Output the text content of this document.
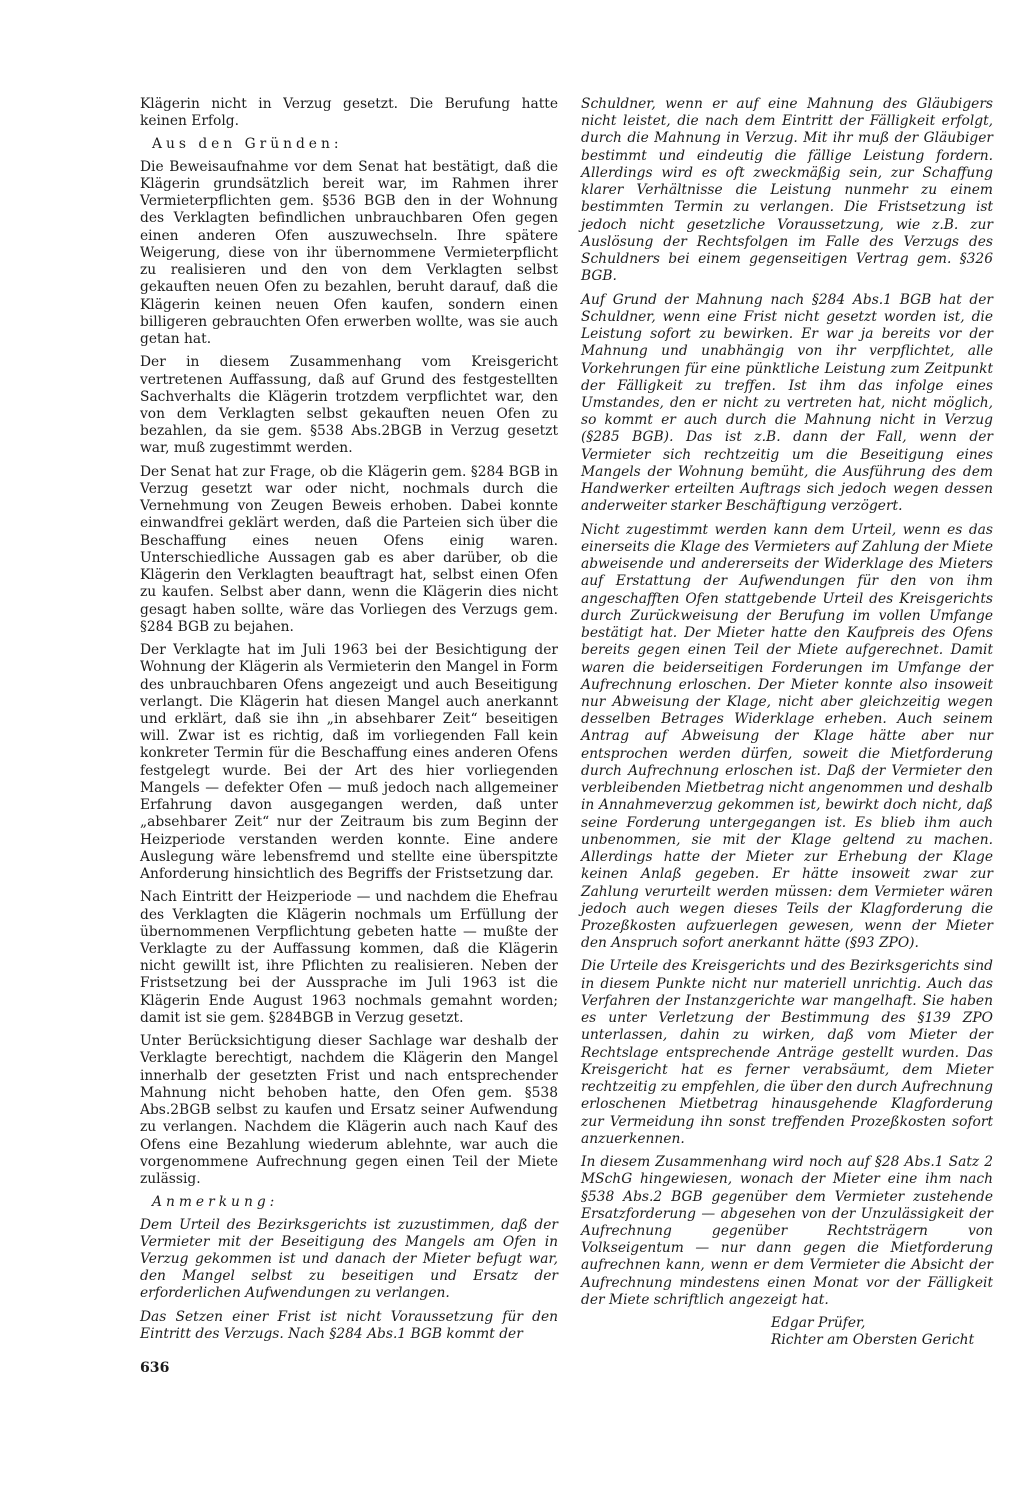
Klägerin nicht in Verzug gesetzt. Die Berufung hatte keinen Erfolg.

Aus den Gründen:

Die Beweisaufnahme vor dem Senat hat bestätigt, daß die Klägerin grundsätzlich bereit war, im Rahmen ihrer Vermieterpflichten gem. §536 BGB den in der Wohnung des Verklagten befindlichen unbrauchbaren Ofen gegen einen anderen Ofen auszuwechseln. Ihre spätere Weigerung, diese von ihr übernommene Vermieterpflicht zu realisieren und den von dem Verklagten selbst gekauften neuen Ofen zu bezahlen, beruht darauf, daß die Klägerin keinen neuen Ofen kaufen, sondern einen billigeren gebrauchten Ofen erwerben wollte, was sie auch getan hat.

Der in diesem Zusammenhang vom Kreisgericht vertretenen Auffassung, daß auf Grund des festgestellten Sachverhalts die Klägerin trotzdem verpflichtet war, den von dem Verklagten selbst gekauften neuen Ofen zu bezahlen, da sie gem. §538 Abs.2BGB in Verzug gesetzt war, muß zugestimmt werden.

Der Senat hat zur Frage, ob die Klägerin gem. §284 BGB in Verzug gesetzt war oder nicht, nochmals durch die Vernehmung von Zeugen Beweis erhoben. Dabei konnte einwandfrei geklärt werden, daß die Parteien sich über die Beschaffung eines neuen Ofens einig waren. Unterschiedliche Aussagen gab es aber darüber, ob die Klägerin den Verklagten beauftragt hat, selbst einen Ofen zu kaufen. Selbst aber dann, wenn die Klägerin dies nicht gesagt haben sollte, wäre das Vorliegen des Verzugs gem. §284 BGB zu bejahen.

Der Verklagte hat im Juli 1963 bei der Besichtigung der Wohnung der Klägerin als Vermieterin den Mangel in Form des unbrauchbaren Ofens angezeigt und auch Beseitigung verlangt. Die Klägerin hat diesen Mangel auch anerkannt und erklärt, daß sie ihn „in absehbarer Zeit“ beseitigen will. Zwar ist es richtig, daß im vorliegenden Fall kein konkreter Termin für die Beschaffung eines anderen Ofens festgelegt wurde. Bei der Art des hier vorliegenden Mangels — defekter Ofen — muß jedoch nach allgemeiner Erfahrung davon ausgegangen werden, daß unter „absehbarer Zeit“ nur der Zeitraum bis zum Beginn der Heizperiode verstanden werden konnte. Eine andere Auslegung wäre lebensfremd und stellte eine überspitzte Anforderung hinsichtlich des Begriffs der Fristsetzung dar.

Nach Eintritt der Heizperiode — und nachdem die Ehefrau des Verklagten die Klägerin nochmals um Erfüllung der übernommenen Verpflichtung gebeten hatte — mußte der Verklagte zu der Auffassung kommen, daß die Klägerin nicht gewillt ist, ihre Pflichten zu realisieren. Neben der Fristsetzung bei der Aussprache im Juli 1963 ist die Klägerin Ende August 1963 nochmals gemahnt worden; damit ist sie gem. §284BGB in Verzug gesetzt.

Unter Berücksichtigung dieser Sachlage war deshalb der Verklagte berechtigt, nachdem die Klägerin den Mangel innerhalb der gesetzten Frist und nach entsprechender Mahnung nicht behoben hatte, den Ofen gem. §538 Abs.2BGB selbst zu kaufen und Ersatz seiner Aufwendung zu verlangen. Nachdem die Klägerin auch nach Kauf des Ofens eine Bezahlung wiederum ablehnte, war auch die vorgenommene Aufrechnung gegen einen Teil der Miete zulässig.

Anmerkung:

Dem Urteil des Bezirksgerichts ist zuzustimmen, daß der Vermieter mit der Beseitigung des Mangels am Ofen in Verzug gekommen ist und danach der Mieter befugt war, den Mangel selbst zu beseitigen und Ersatz der erforderlichen Aufwendungen zu verlangen.

Das Setzen einer Frist ist nicht Voraussetzung für den Eintritt des Verzugs. Nach §284 Abs.1 BGB kommt der

Schuldner, wenn er auf eine Mahnung des Gläubigers nicht leistet, die nach dem Eintritt der Fälligkeit erfolgt, durch die Mahnung in Verzug. Mit ihr muß der Gläubiger bestimmt und eindeutig die fällige Leistung fordern. Allerdings wird es oft zweckmäßig sein, zur Schaffung klarer Verhältnisse die Leistung nunmehr zu einem bestimmten Termin zu verlangen. Die Fristsetzung ist jedoch nicht gesetzliche Voraussetzung, wie z.B. zur Auslösung der Rechtsfolgen im Falle des Verzugs des Schuldners bei einem gegenseitigen Vertrag gem. §326 BGB.

Auf Grund der Mahnung nach §284 Abs.1 BGB hat der Schuldner, wenn eine Frist nicht gesetzt worden ist, die Leistung sofort zu bewirken. Er war ja bereits vor der Mahnung und unabhängig von ihr verpflichtet, alle Vorkehrungen für eine pünktliche Leistung zum Zeitpunkt der Fälligkeit zu treffen. Ist ihm das infolge eines Umstandes, den er nicht zu vertreten hat, nicht möglich, so kommt er auch durch die Mahnung nicht in Verzug (§285 BGB). Das ist z.B. dann der Fall, wenn der Vermieter sich rechtzeitig um die Beseitigung eines Mangels der Wohnung bemüht, die Ausführung des dem Handwerker erteilten Auftrags sich jedoch wegen dessen anderweiter starker Beschäftigung verzögert.

Nicht zugestimmt werden kann dem Urteil, wenn es das einerseits die Klage des Vermieters auf Zahlung der Miete abweisende und andererseits der Widerklage des Mieters auf Erstattung der Aufwendungen für den von ihm angeschafften Ofen stattgebende Urteil des Kreisgerichts durch Zurückweisung der Berufung im vollen Umfange bestätigt hat. Der Mieter hatte den Kaufpreis des Ofens bereits gegen einen Teil der Miete aufgerechnet. Damit waren die beiderseitigen Forderungen im Umfange der Aufrechnung erloschen. Der Mieter konnte also insoweit nur Abweisung der Klage, nicht aber gleichzeitig wegen desselben Betrages Widerklage erheben. Auch seinem Antrag auf Abweisung der Klage hätte aber nur entsprochen werden dürfen, soweit die Mietforderung durch Aufrechnung erloschen ist. Daß der Vermieter den verbleibenden Mietbetrag nicht angenommen und deshalb in Annahmeverzug gekommen ist, bewirkt doch nicht, daß seine Forderung untergegangen ist. Es blieb ihm auch unbenommen, sie mit der Klage geltend zu machen. Allerdings hatte der Mieter zur Erhebung der Klage keinen Anlaß gegeben. Er hätte insoweit zwar zur Zahlung verurteilt werden müssen: dem Vermieter wären jedoch auch wegen dieses Teils der Klagforderung die Prozeßkosten aufzuerlegen gewesen, wenn der Mieter den Anspruch sofort anerkannt hätte (§93 ZPO).

Die Urteile des Kreisgerichts und des Bezirksgerichts sind in diesem Punkte nicht nur materiell unrichtig. Auch das Verfahren der Instanzgerichte war mangelhaft. Sie haben es unter Verletzung der Bestimmung des §139 ZPO unterlassen, dahin zu wirken, daß vom Mieter der Rechtslage entsprechende Anträge gestellt wurden. Das Kreisgericht hat es ferner verabsäumt, dem Mieter rechtzeitig zu empfehlen, die über den durch Aufrechnung erloschenen Mietbetrag hinausgehende Klagforderung zur Vermeidung ihn sonst treffenden Prozeßkosten sofort anzuerkennen.

In diesem Zusammenhang wird noch auf §28 Abs.1 Satz 2 MSchG hingewiesen, wonach der Mieter eine ihm nach §538 Abs.2 BGB gegenüber dem Vermieter zustehende Ersatzforderung — abgesehen von der Unzulässigkeit der Aufrechnung gegenüber Rechtsträgern von Volkseigentum — nur dann gegen die Mietforderung aufrechnen kann, wenn er dem Vermieter die Absicht der Aufrechnung mindestens einen Monat vor der Fälligkeit der Miete schriftlich angezeigt hat.

Edgar Prüfer,
Richter am Obersten Gericht
636
